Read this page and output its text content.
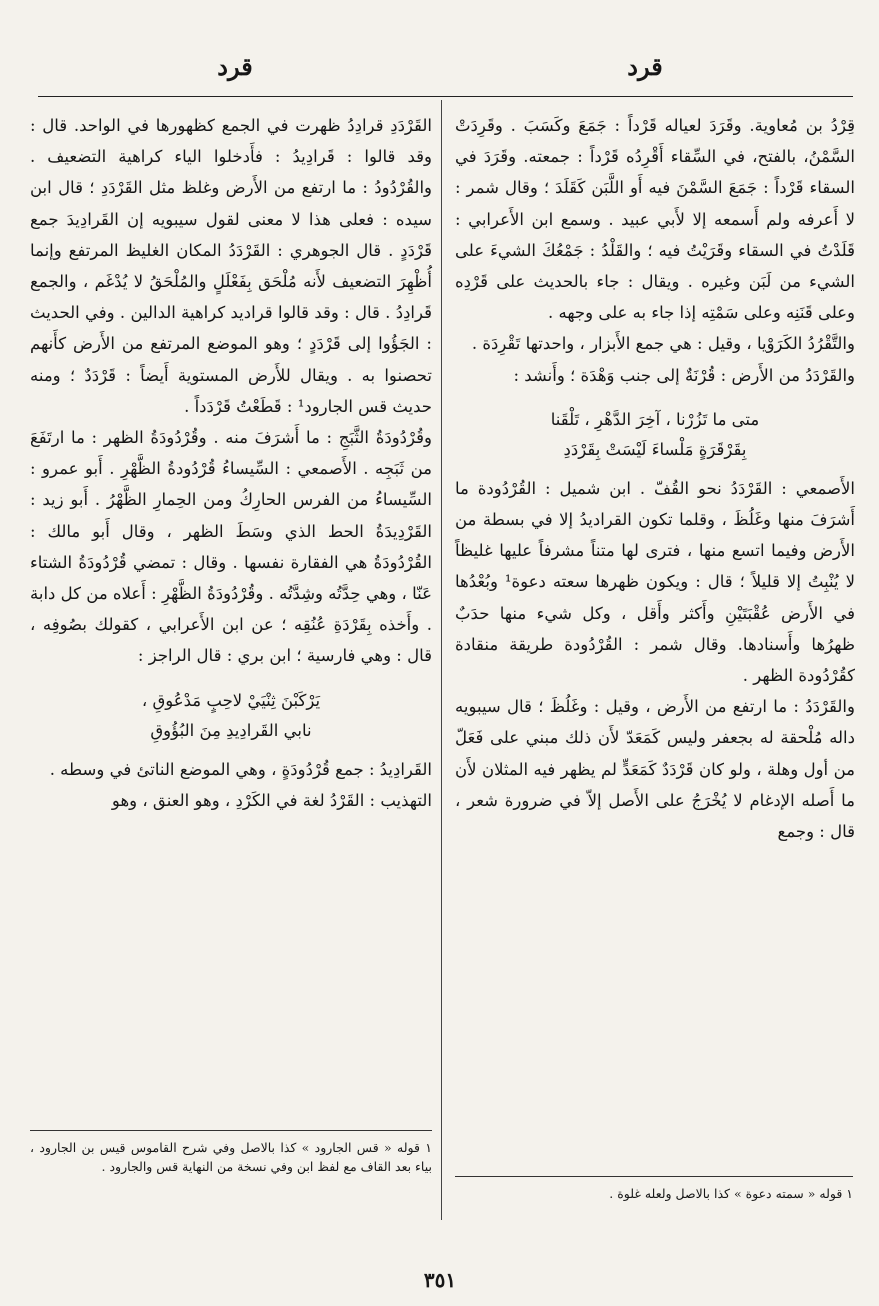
قرد
قرد

قِرْدُ بن مُعاوية. وقَرَدَ لعياله قَرْداً : جَمَعَ وكَسَبَ . وقَرِدَتْ السَّمْنُ، بالفتح، في السِّقاء أَقْرِدُه قَرْداً : جمعته. وقَرَدَ في السقاء قَرْداً : جَمَعَ السَّمْنَ فيه أَو اللَّبَن كَقَلَدَ ؛ وقال شمر : لا أَعرفه ولم أَسمعه إلا لأَبي عبيد . وسمع ابن الأَعرابي : قَلَدْتُ في السقاء وقَرَيْتُ فيه ؛ والقَلْدُ : جَمْعُكَ الشيءَ على الشيء من لَبَن وغيره . ويقال : جاء بالحديث على قَرْدِه وعلى قَنَنِه وعلى سَمْتِه إذا جاء به على وجهه .

والتَّقْرُدُ الكَرَوْيا ، وقيل : هي جمع الأَبزار ، واحدتها تَقْرِدَة .

والقَرْدَدُ من الأَرض : قُرْنَةٌ إلى جنب وَهْدَة ؛ وأَنشد :

متى ما تَزُرْنا ، آخِرَ الدَّهْرِ ، تَلْقَنا
بِقَرْقَرَةٍ مَلْساءَ لَيْسَتْ بِقَرْدَدِ

الأَصمعي : القَرْدَدُ نحو القُفّ . ابن شميل : القُرْدُودة ما أَشرَفَ منها وغَلُظَ ، وقلما تكون القراديدُ إلا في بسطة من الأَرض وفيما اتسع منها ، فترى لها متناً مشرفاً عليها غليظاً لا يُنْبِتُ إلا قليلاً ؛ قال : ويكون ظهرها سعته دعوة¹ وبُعْدُها في الأَرض عُقْبَتَيْنِ وأَكثر وأَقل ، وكل شيء منها حدَبٌ ظهرُها وأَسنادها. وقال شمر : القُرْدُودة طريقة منقادة كقُرْدُودة الظهر .

والقَرْدَدُ : ما ارتفع من الأَرض ، وقيل : وغَلُظَ ؛ قال سيبويه داله مُلْحقة له بجعفر وليس كَمَعَدّ لأَن ذلك مبني على فَعَلّ من أول وهلة ، ولو كان قَرْدَدٌ كَمَعَدٍّ لم يظهر فيه المثلان لأَن ما أَصله الإدغام لا يُخْرَجُ على الأَصل إلاّ في ضرورة شعر ، قال : وجمع

القَرْدَدِ قرادِدُ ظهرت في الجمع كظهورها في الواحد. قال : وقد قالوا : قَرادِيدُ : فأَدخلوا الياء كراهية التضعيف . والقُرْدُودُ : ما ارتفع من الأَرض وغلظ مثل القَرْدَدِ ؛ قال ابن سيده : فعلى هذا لا معنى لقول سيبويه إن القَرادِيدَ جمع قَرْدَدٍ . قال الجوهري : القَرْدَدُ المكان الغليظ المرتفع وإنما أُظْهِرَ التضعيف لأَنه مُلْحَق بِفَعْلَلٍ والمُلْحَقُ لا يُدْغَم ، والجمع قَرادِدُ . قال : وقد قالوا قراديد كراهية الدالين . وفي الحديث : الجَؤُوا إلى قَرْدَدٍ ؛ وهو الموضع المرتفع من الأَرض كأَنهم تحصنوا به . ويقال للأَرض المستوية أَيضاً : قَرْدَدٌ ؛ ومنه حديث قس الجارود¹ : قَطَعْتُ قَرْدَداً .

وقُرْدُودَةُ الثَّبَجِ : ما أَشرَفَ منه . وقُرْدُودَةُ الظهر : ما ارتَفَعَ من ثَبَجِه . الأَصمعي : السِّيساءُ قُرْدُودةُ الظَّهْرِ . أَبو عمرو : السِّيساءُ من الفرس الحارِكُ ومن الحِمارِ الظَّهْرُ . أَبو زيد : القَرْدِيدَةُ الحط الذي وسَطَ الظهر ، وقال أَبو مالك : القُرْدُودَةُ هي الفقارة نفسها . وقال : تمضي قُرْدُودَةُ الشتاء عَنّا ، وهي حِدَّتُه وشِدَّتُه . وقُرْدُودَةُ الظَّهْرِ : أَعلاه من كل دابة . وأَخذه بِقَرْدَةِ عُنُقِه ؛ عن ابن الأَعرابي ، كقولك بصُوفِه ، قال : وهي فارسية ؛ ابن بري : قال الراجز :

يَرْكَبْنَ ثِنْيَيْ لاحِبٍ مَدْعُوقِ ،
نابي القَرادِيدِ مِنَ البُؤُوقِ

القَرادِيدُ : جمع قُرْدُودَةٍ ، وهي الموضع الناتئ في وسطه .

التهذيب : القَرْدُ لغة في الكَرْدِ ، وهو العنق ، وهو

١ قوله « سمته دعوة » كذا بالاصل ولعله غلوة .
١ قوله « قس الجارود » كذا بالاصل وفي شرح القاموس قيس بن الجارود ، بياء بعد القاف مع لفظ ابن وفي نسخة من النهاية قس والجارود .
٣٥١
